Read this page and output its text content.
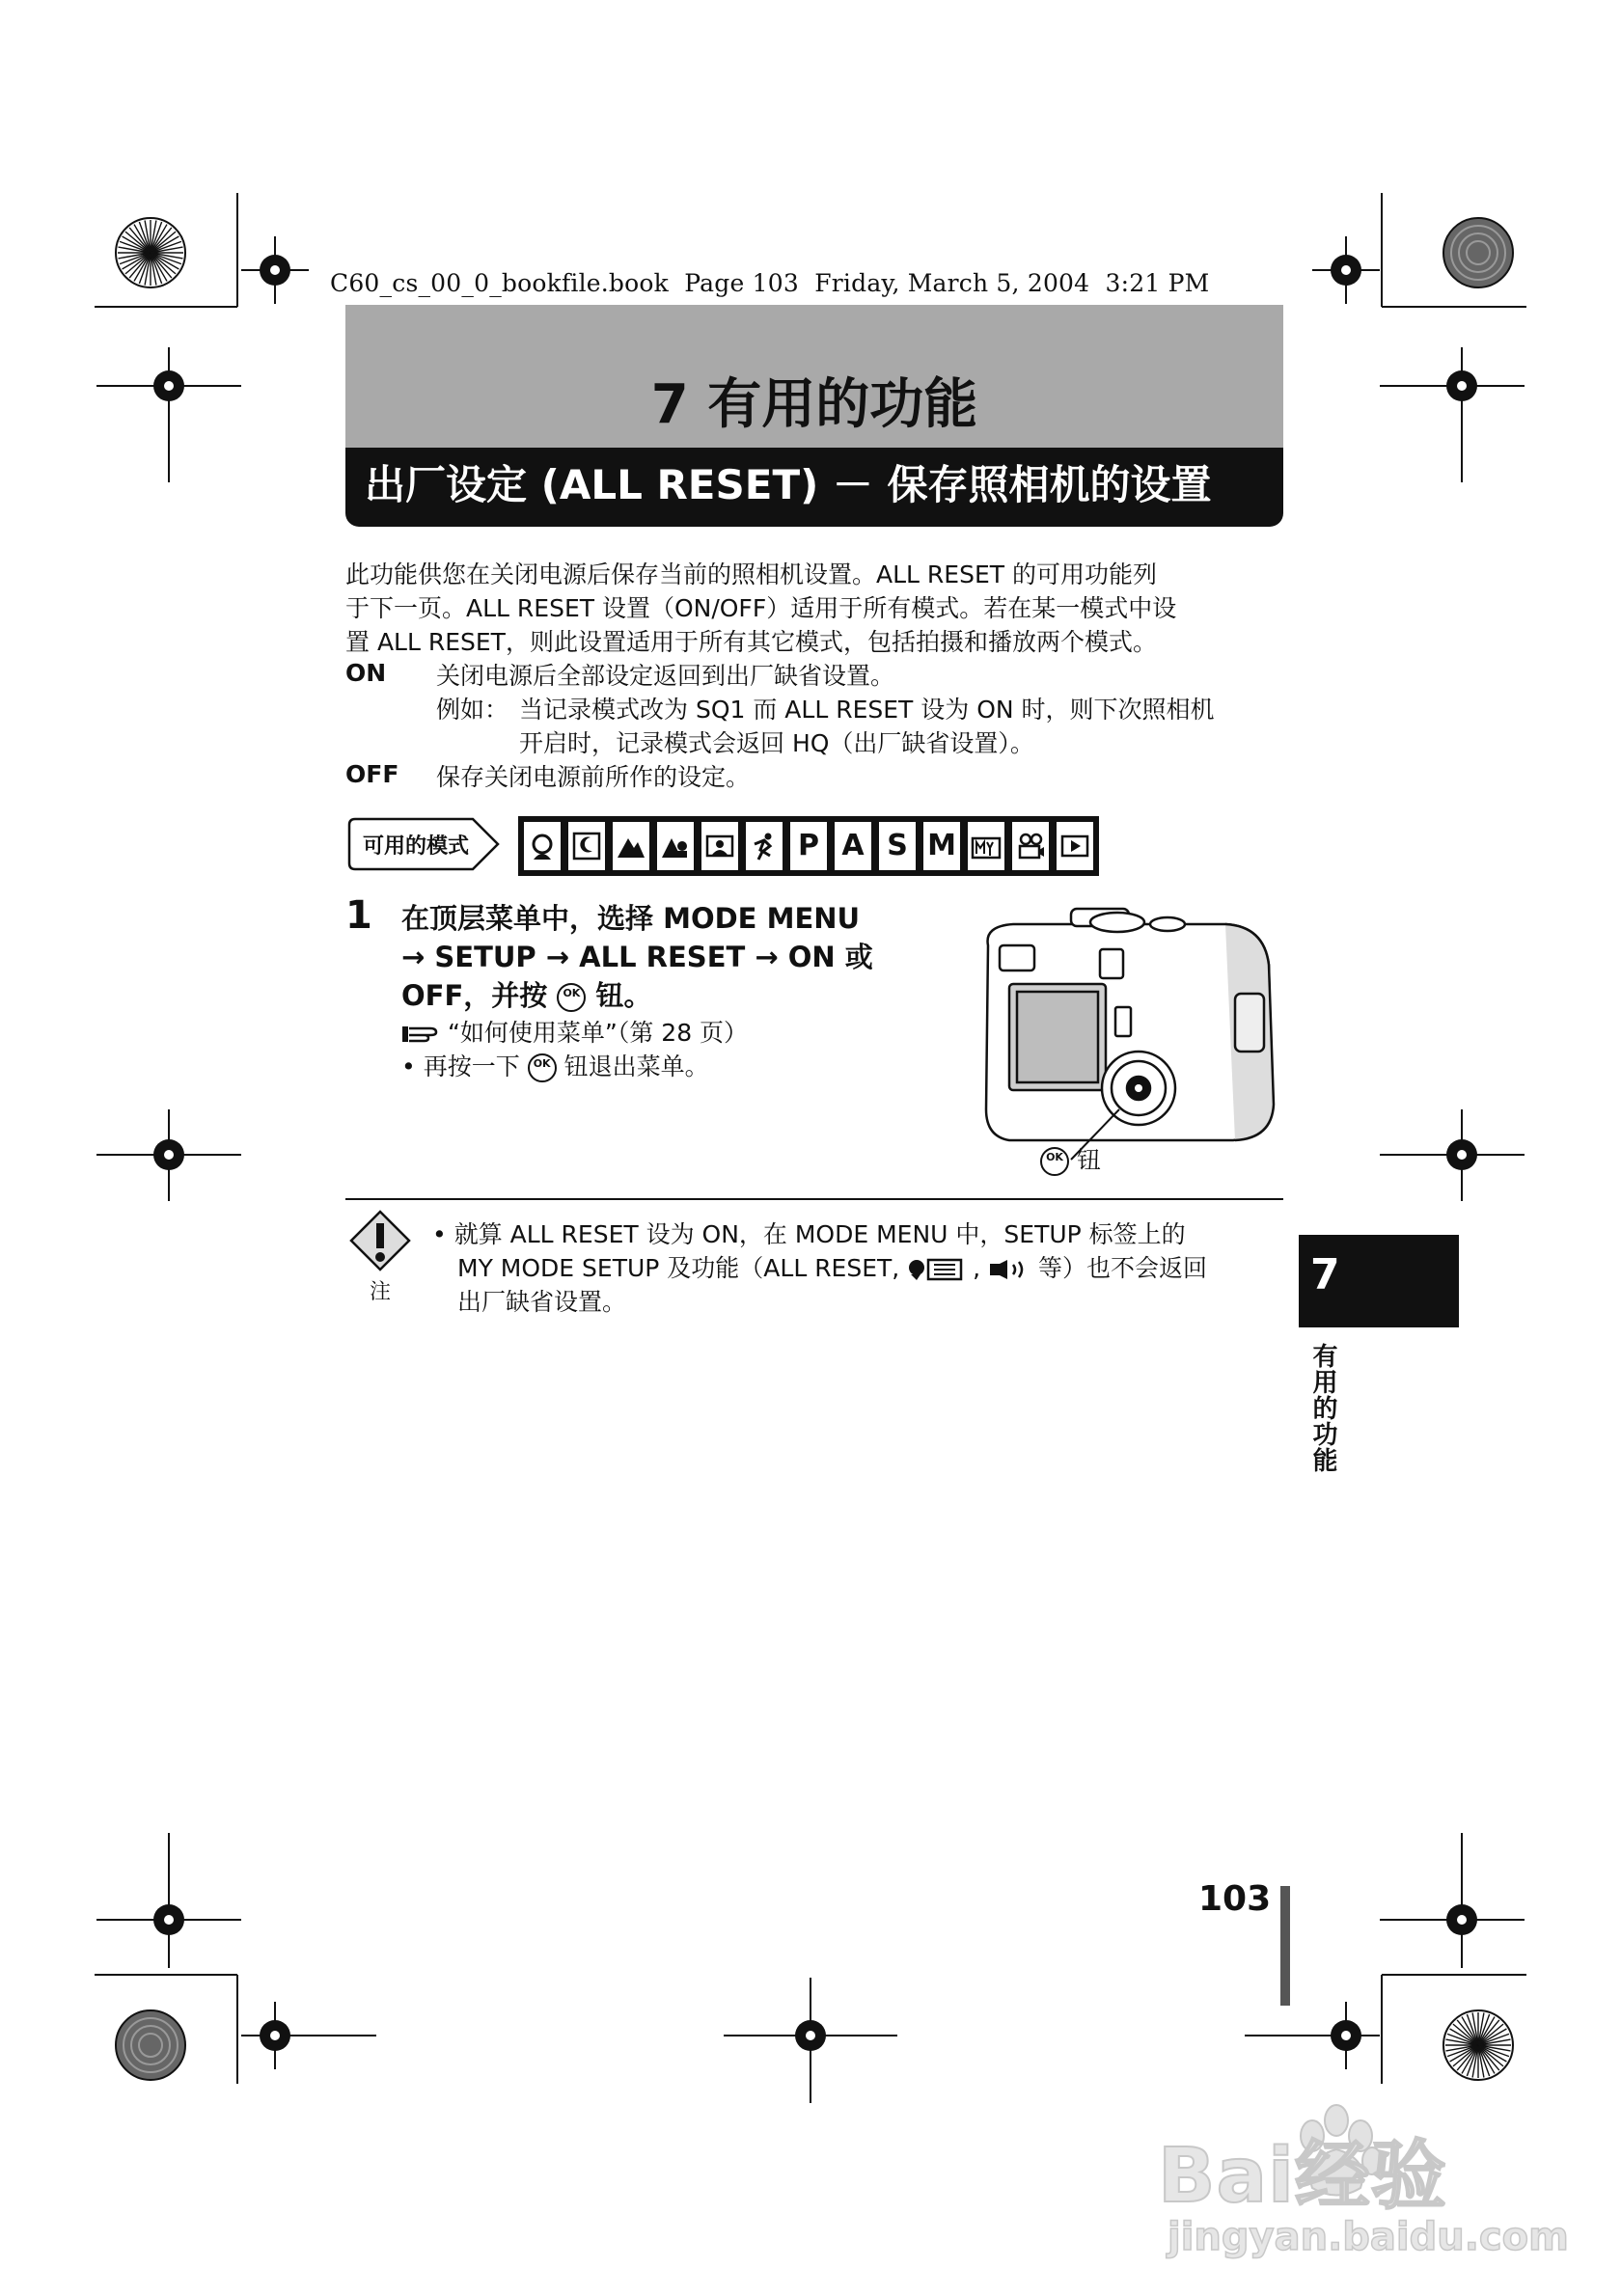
C60_cs_00_0_bookfile.book  Page 103  Friday, March 5, 2004  3:21 PM
7 有用的功能
出厂设定 (ALL RESET) － 保存照相机的设置
此功能供您在关闭电源后保存当前的照相机设置。ALL RESET 的可用功能列
于下一页。ALL RESET 设置（ON/OFF）适用于所有模式。若在某一模式中设
置 ALL RESET，则此设置适用于所有其它模式，包括拍摄和播放两个模式。
ON 关闭电源后全部设定返回到出厂缺省设置。
例如： 当记录模式改为 SQ1 而 ALL RESET 设为 ON 时，则下次照相机
开启时，记录模式会返回 HQ（出厂缺省设置）。
OFF 保存关闭电源前所作的设定。
可用的模式	P A S M
1 在顶层菜单中，选择 MODE MENU
→ SETUP → ALL RESET → ON 或
OFF，并按 OK 钮。
“如何使用菜单”（第 28 页）
• 再按一下 OK 钮退出菜单。
OK 钮
注
• 就算 ALL RESET 设为 ON，在 MODE MENU 中，SETUP 标签上的
MY MODE SETUP 及功能（ALL RESET,	, 等）也不会返回
出厂缺省设置。
7
有用的功能
103
Bai经验
jingyan.baidu.com
